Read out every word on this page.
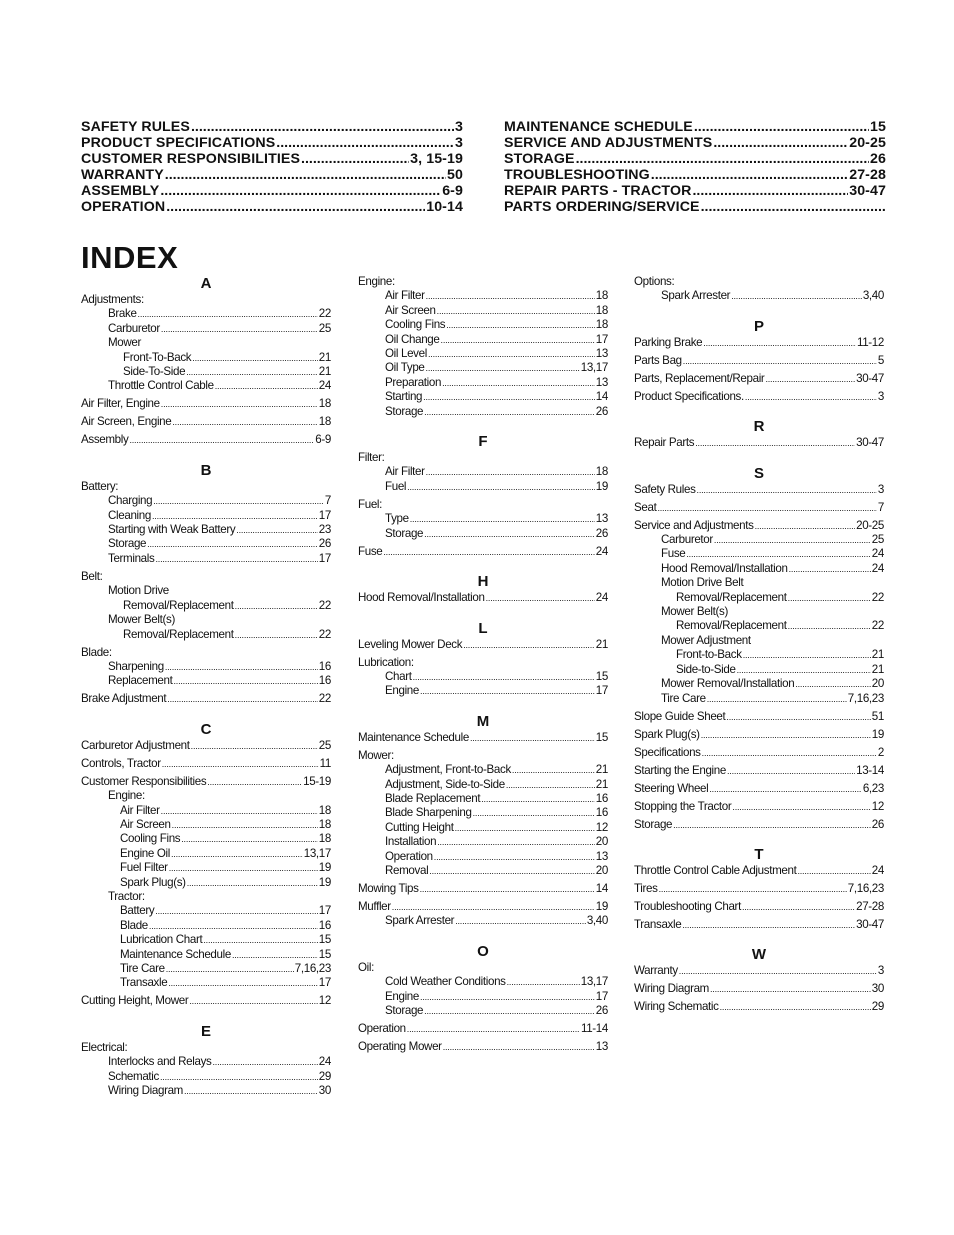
SAFETY RULES .....	3
PRODUCT SPECIFICATIONS .....	3
CUSTOMER RESPONSIBILITIES .....	3, 15-19
WARRANTY .....	50
ASSEMBLY .....	6-9
OPERATION .....	10-14
MAINTENANCE SCHEDULE .....	15
SERVICE AND ADJUSTMENTS .....	20-25
STORAGE .....	26
TROUBLESHOOTING .....	27-28
REPAIR PARTS - TRACTOR .....	30-47
PARTS ORDERING/SERVICE
.....
INDEX
A
Adjustments:
Brake .....	22
Carburetor .....	25
Mower
Front-To-Back .....	21
Side-To-Side .....	21
Throttle Control Cable .....	24
Air Filter, Engine .....	18
Air Screen, Engine .....	18
Assembly .....	6-9
B
Battery:
Charging .....	7
Cleaning .....	17
Starting with Weak Battery .....	23
Storage .....	26
Terminals .....	17
Belt:
Motion Drive
Removal/Replacement .....	22
Mower Belt(s)
Removal/Replacement .....	22
Blade:
Sharpening .....	16
Replacement .....	16
Brake Adjustment .....	22
C
Carburetor Adjustment .....	25
Controls, Tractor .....	11
Customer Responsibilities .....	15-19
Engine:
Air Filter .....	18
Air Screen .....	18
Cooling Fins .....	18
Engine Oil .....	13,17
Fuel Filter .....	19
Spark Plug(s) .....	19
Tractor:
Battery .....	17
Blade .....	16
Lubrication Chart .....	15
Maintenance Schedule .....	15
Tire Care .....	7,16,23
Transaxle .....	17
Cutting Height, Mower .....	12
E
Electrical:
Interlocks and Relays .....	24
Schematic .....	29
Wiring Diagram .....	30
Engine:
Air Filter .....	18
Air Screen .....	18
Cooling Fins .....	18
Oil Change .....	17
Oil Level .....	13
Oil Type .....	13,17
Preparation .....	13
Starting .....	14
Storage .....	26
F
Filter:
Air Filter .....	18
Fuel .....	19
Fuel:
Type .....	13
Storage .....	26
Fuse .....	24
H
Hood Removal/Installation .....	24
L
Leveling Mower Deck .....	21
Lubrication:
Chart .....	15
Engine .....	17
M
Maintenance Schedule .....	15
Mower:
Adjustment, Front-to-Back .....	21
Adjustment, Side-to-Side .....	21
Blade Replacement .....	16
Blade Sharpening .....	16
Cutting Height .....	12
Installation .....	20
Operation .....	13
Removal .....	20
Mowing Tips .....	14
Muffler .....	19
Spark Arrester .....	3,40
O
Oil:
Cold Weather Conditions .....	13,17
Engine .....	17
Storage .....	26
Operation .....	11-14
Operating Mower .....	13
Options:
Spark Arrester .....	3,40
P
Parking Brake .....	11-12
Parts Bag .....	5
Parts, Replacement/Repair .....	30-47
Product Specifications. .....	3
R
Repair Parts .....	30-47
S
Safety Rules .....	3
Seat .....	7
Service and Adjustments .....	20-25
Carburetor .....	25
Fuse .....	24
Hood Removal/Installation .....	24
Motion Drive Belt
Removal/Replacement .....	22
Mower Belt(s)
Removal/Replacement .....	22
Mower Adjustment
Front-to-Back .....	21
Side-to-Side .....	21
Mower Removal/Installation .....	20
Tire Care .....	7,16,23
Slope Guide Sheet .....	51
Spark Plug(s) .....	19
Specifications .....	2
Starting the Engine .....	13-14
Steering Wheel .....	6,23
Stopping the Tractor .....	12
Storage .....	26
T
Throttle Control Cable Adjustment .....	24
Tires .....	7,16,23
Troubleshooting Chart .....	27-28
Transaxle .....	30-47
W
Warranty .....	3
Wiring Diagram .....	30
Wiring Schematic .....	29
